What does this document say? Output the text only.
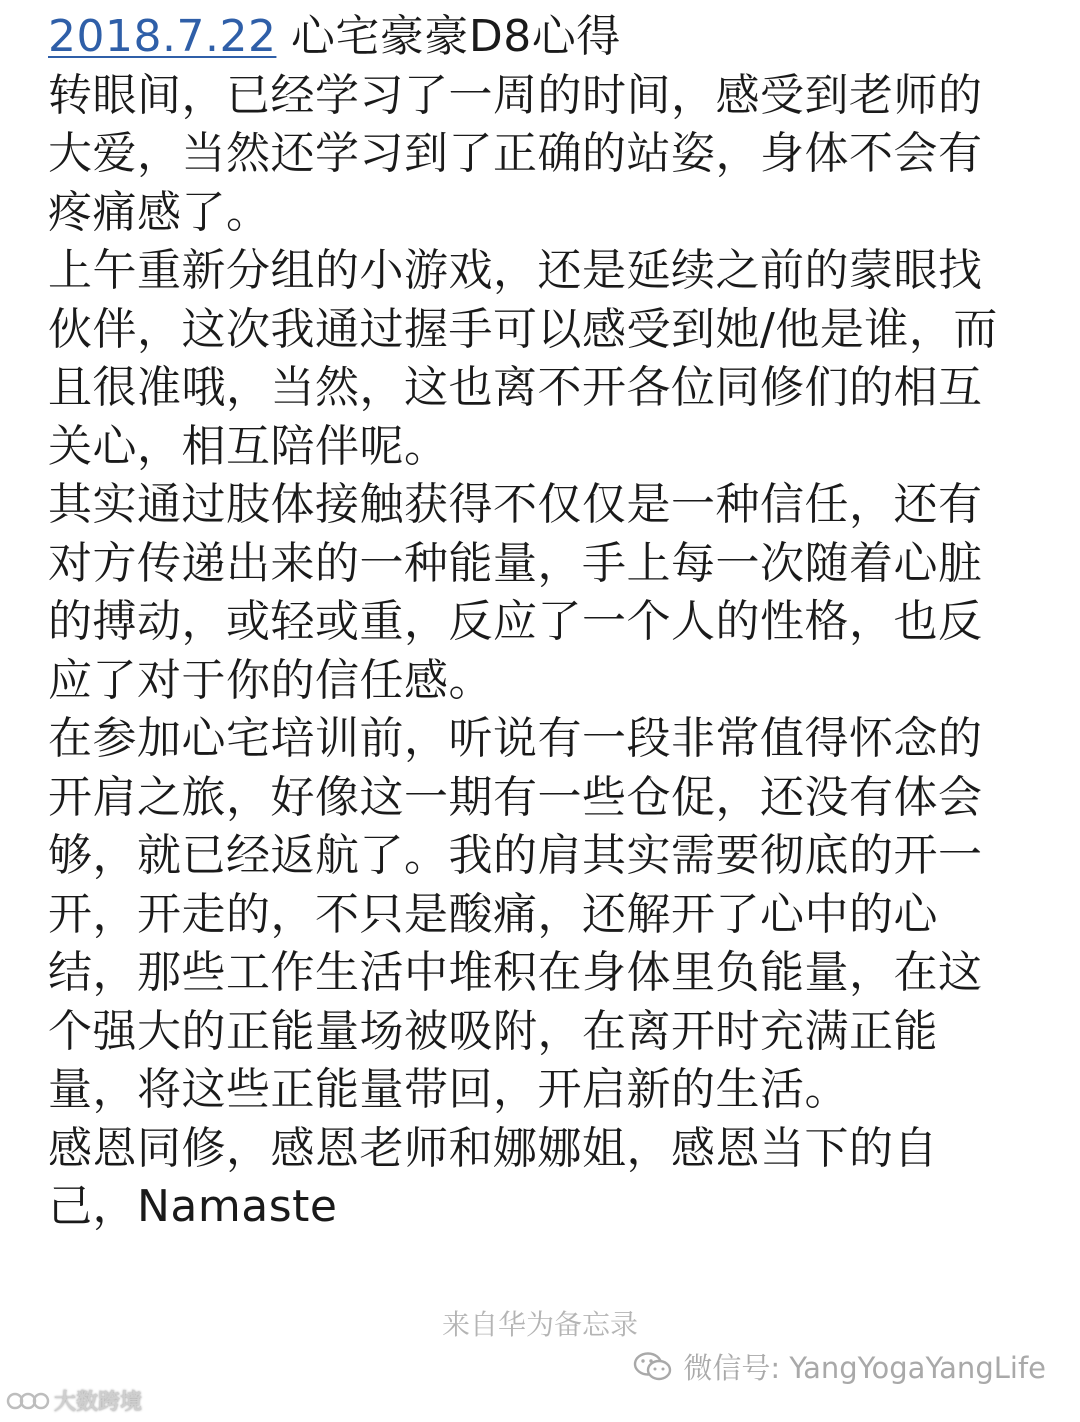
2018.7.22 心宅豪豪D8心得
转眼间，已经学习了一周的时间，感受到老师的
大爱，当然还学习到了正确的站姿，身体不会有
疼痛感了。
上午重新分组的小游戏，还是延续之前的蒙眼找
伙伴，这次我通过握手可以感受到她/他是谁，而
且很准哦，当然，这也离不开各位同修们的相互
关心，相互陪伴呢。
其实通过肢体接触获得不仅仅是一种信任，还有
对方传递出来的一种能量，手上每一次随着心脏
的搏动，或轻或重，反应了一个人的性格，也反
应了对于你的信任感。
在参加心宅培训前，听说有一段非常值得怀念的
开肩之旅，好像这一期有一些仓促，还没有体会
够，就已经返航了。我的肩其实需要彻底的开一
开，开走的，不只是酸痛，还解开了心中的心
结，那些工作生活中堆积在身体里负能量，在这
个强大的正能量场被吸附，在离开时充满正能
量，将这些正能量带回，开启新的生活。
感恩同修，感恩老师和娜娜姐，感恩当下的自
己，Namaste
来自华为备忘录
微信号: YangYogaYangLife
大数跨境
